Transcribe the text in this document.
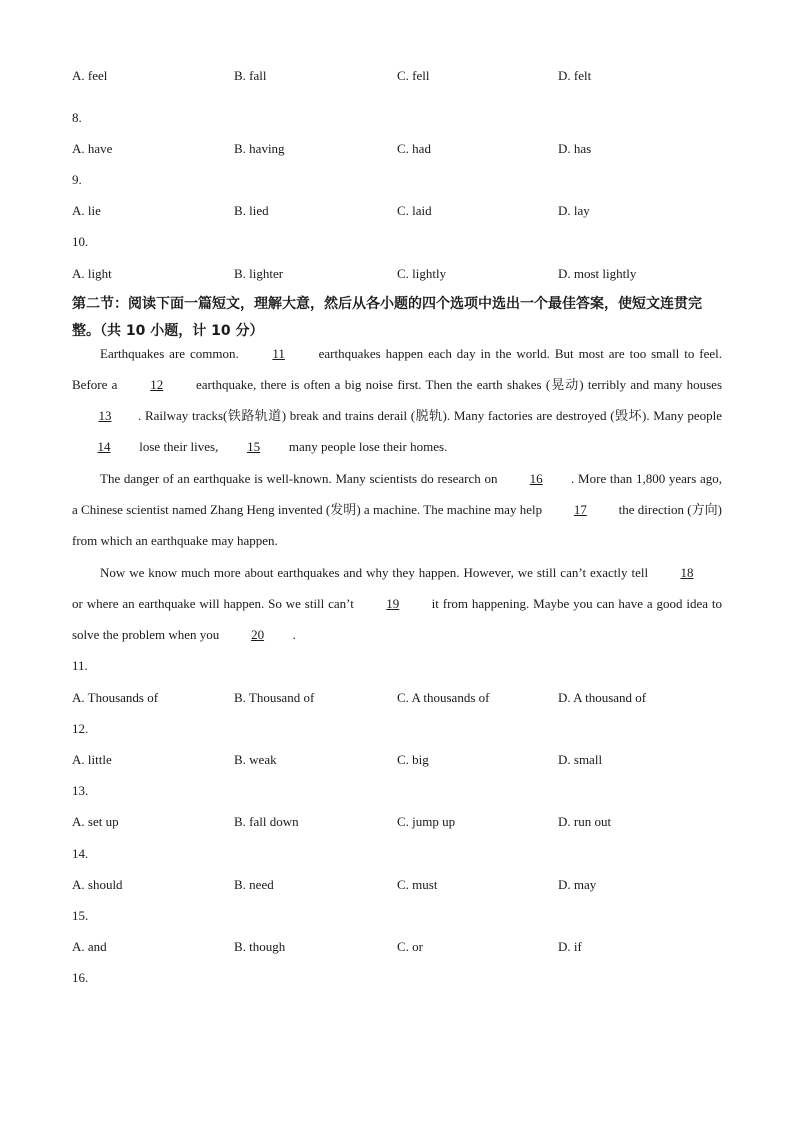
A. feel	B. fall	C. fell	D. felt
8.
A. have	B. having	C. had	D. has
9.
A. lie	B. lied	C. laid	D. lay
10.
A. light	B. lighter	C. lightly	D. most lightly
第二节：阅读下面一篇短文，理解大意，然后从各小题的四个选项中选出一个最佳答案，使短文连贯完整。（共 10 小题，计 10 分）
Earthquakes are common. 11 earthquakes happen each day in the world. But most are too small to feel. Before a 12 earthquake, there is often a big noise first. Then the earth shakes (晃动) terribly and many houses 13 . Railway tracks(铁路轨道) break and trains derail (脱轨). Many factories are destroyed (毁坏). Many people 14 lose their lives, 15 many people lose their homes.
The danger of an earthquake is well-known. Many scientists do research on 16 . More than 1,800 years ago, a Chinese scientist named Zhang Heng invented (发明) a machine. The machine may help 17 the direction (方向) from which an earthquake may happen.
Now we know much more about earthquakes and why they happen. However, we still can’t exactly tell 18 or where an earthquake will happen. So we still can’t 19 it from happening. Maybe you can have a good idea to solve the problem when you 20 .
11.
A. Thousands of	B. Thousand of	C. A thousands of	D. A thousand of
12.
A. little	B. weak	C. big	D. small
13.
A. set up	B. fall down	C. jump up	D. run out
14.
A. should	B. need	C. must	D. may
15.
A. and	B. though	C. or	D. if
16.
